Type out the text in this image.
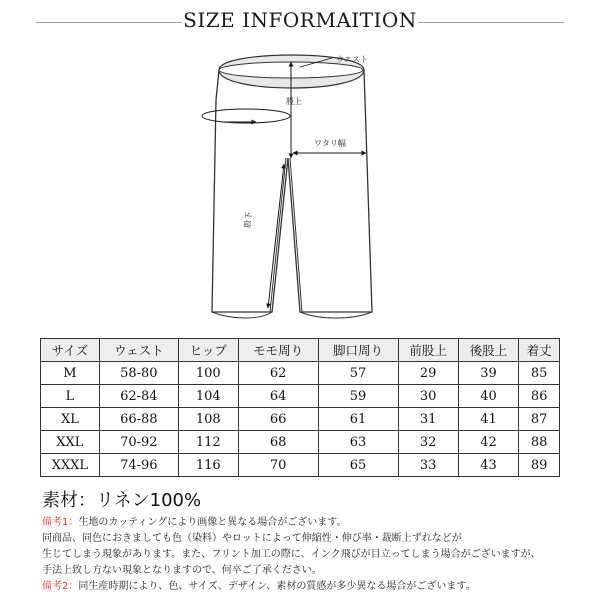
SIZE INFORMAITION
ウエスト
股上
ワタリ幅
股下
サイズ	ウェスト	ヒップ	モモ周り	脚口周り	前股上	後股上	着丈
M	58-80	100	62	57	29	39	85
L	62-84	104	64	59	30	40	86
XL	66-88	108	66	61	31	41	87
XXL	70-92	112	68	63	32	42	88
XXXL	74-96	116	70	65	33	43	89
素材：リネン100%

備考1：生地のカッティングにより画像と異なる場合がございます。

同商品、同色におきましても色（染料）やロットによって伸縮性・伸び率・裁断上ずれなどが

生じてしまう現象があります。また、フリント加工の際に、インク飛びが目立ってしまう場合がございますが、

手法上致し方ない現象となりますので、何卒ご了承ください。

備考2：同生産時期により、色、サイズ、デザイン、素材の質感が多少異なる場合がございます。
